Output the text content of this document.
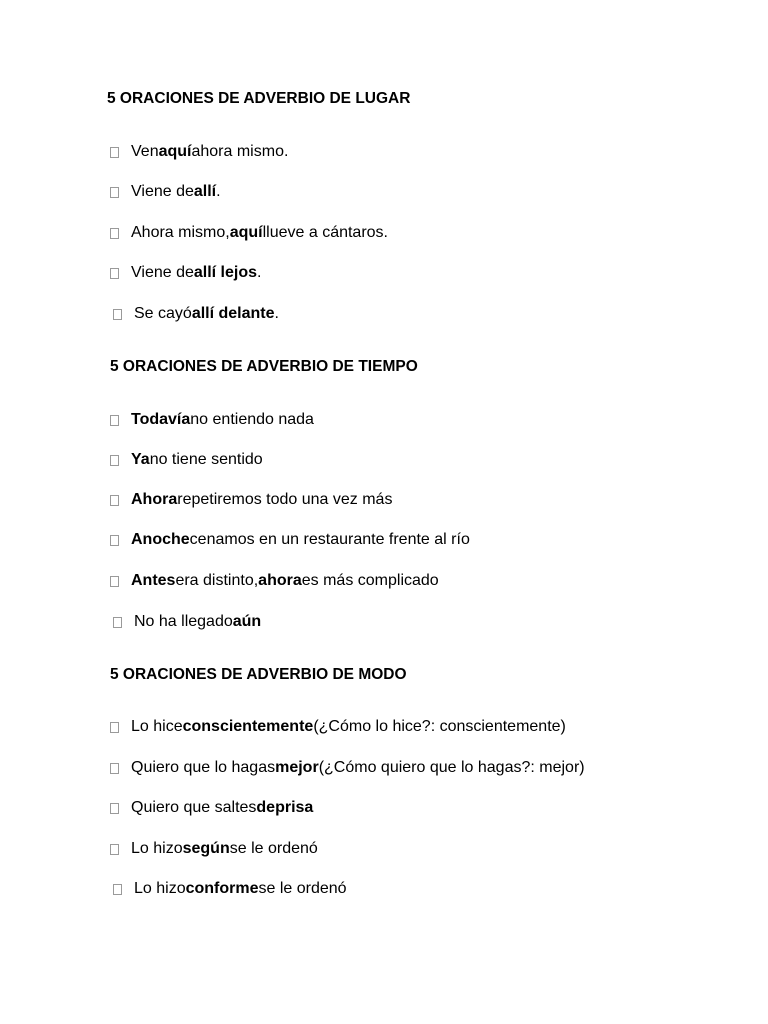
5 ORACIONES DE ADVERBIO DE LUGAR
Ven aquí ahora mismo.
Viene de allí .
Ahora mismo, aquí llueve a cántaros.
Viene de allí lejos .
Se cayó allí delante .
5 ORACIONES DE ADVERBIO DE TIEMPO
Todavía no entiendo nada
Ya no tiene sentido
Ahora repetiremos todo una vez más
Anoche cenamos en un restaurante frente al río
Antes era distinto, ahora es más complicado
No ha llegado aún
5 ORACIONES DE ADVERBIO DE MODO
Lo hice conscientemente (¿Cómo lo hice?: conscientemente)
Quiero que lo hagas mejor (¿Cómo quiero que lo hagas?: mejor)
Quiero que saltes deprisa
Lo hizo según se le ordenó
Lo hizo conforme se le ordenó
